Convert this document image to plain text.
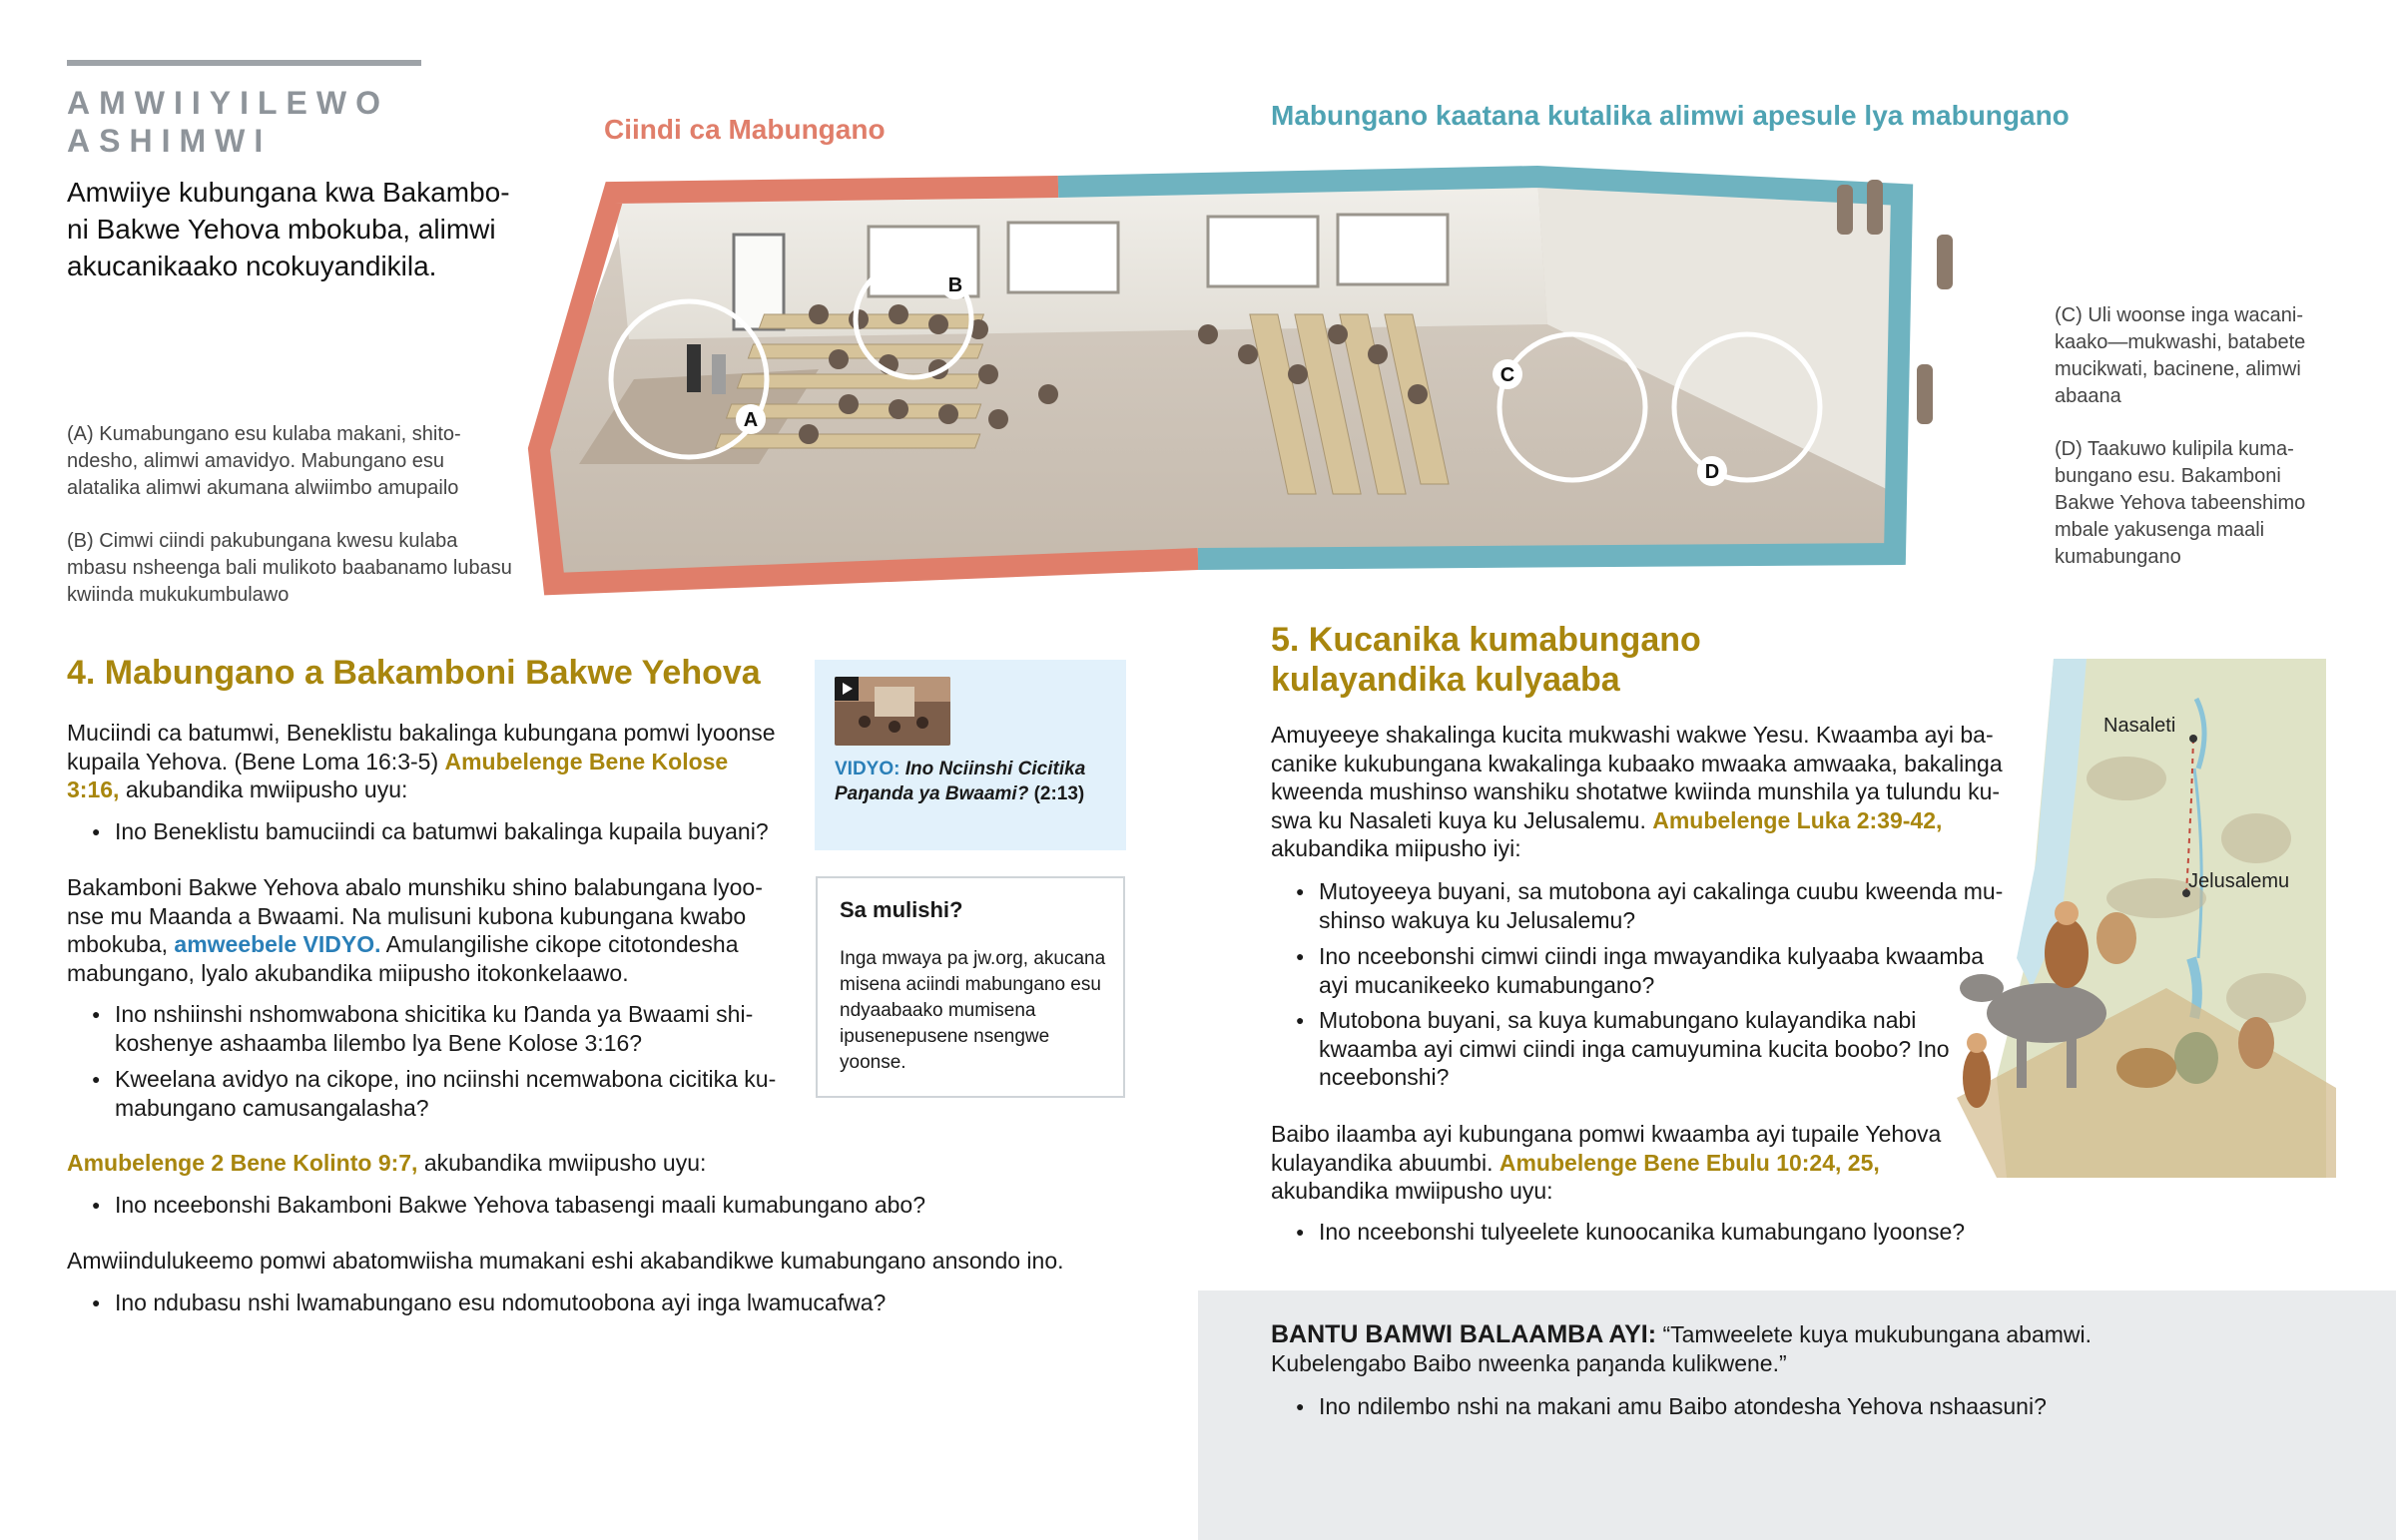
AMWIIYILEWO ASHIMWI
Amwiiye kubungana kwa Bakamboni Bakwe Yehova mbokuba, alimwi akucanikaako ncokuyandikila.
Ciindi ca Mabungano	Mabungano kaatana kutalika alimwi apesule lya mabungano
A
B
C
D
(A) Kumabungano esu kulaba makani, shitondesho, alimwi amavidyo. Mabungano esu alatalika alimwi akumana alwiimbo amupailo
(B) Cimwi ciindi pakubungana kwesu kulaba mbasu nsheenga bali mulikoto baabanamo lubasu kwiinda mukukumbulawo
(C) Uli woonse inga wacanikaako—mukwashi, batabete mucikwati, bacinene, alimwi abaana
(D) Taakuwo kulipila kumabungano esu. Bakamboni Bakwe Yehova tabeenshimo mbale yakusenga maali kumabungano
4. Mabungano a Bakamboni Bakwe Yehova
Muciindi ca batumwi, Beneklistu bakalinga kubungana pomwi lyoonse kupaila Yehova. (Bene Loma 16:3-5) Amubelenge Bene Kolose 3:16, akubandika mwiipusho uyu:
● Ino Beneklistu bamuciindi ca batumwi bakalinga kupaila buyani?
Bakamboni Bakwe Yehova abalo munshiku shino balabungana lyoonse mu Maanda a Bwaami. Na mulisuni kubona kubungana kwabo mbokuba, amweebele VIDYO. Amulangilishe cikope citotondesha mabungano, lyalo akubandika miipusho itokonkelaawo.
● Ino nshiinshi nshomwabona shicitika ku Ŋanda ya Bwaami shikoshenye ashaamba lilembo lya Bene Kolose 3:16?
● Kweelana avidyo na cikope, ino nciinshi ncemwabona cicitika kumabungano camusangalasha?
Amubelenge 2 Bene Kolinto 9:7, akubandika mwiipusho uyu:
● Ino nceebonshi Bakamboni Bakwe Yehova tabasengi maali kumabungano abo?
Amwiindulukeemo pomwi abatomwiisha mumakani eshi akabandikwe kumabungano ansondo ino.
● Ino ndubasu nshi lwamabungano esu ndomutoobona ayi inga lwamucafwa?
VIDYO: Ino Nciinshi Cicitika Paŋanda ya Bwaami? (2:13)
Sa mulishi?
Inga mwaya pa jw.org, akucana misena aciindi mabungano esu ndyaabaako mumisena ipusenepusene nsengwe yoonse.
5. Kucanika kumabungano kulayandika kulyaaba
Amuyeeye shakalinga kucita mukwashi wakwe Yesu. Kwaamba ayi bacanike kukubungana kwakalinga kubaako mwaaka amwaaka, bakalinga kweenda mushinso wanshiku shotatwe kwiinda munshila ya tulundu kuswa ku Nasaleti kuya ku Jelusalemu. Amubelenge Luka 2:39-42, akubandika miipusho iyi:
● Mutoyeeya buyani, sa mutobona ayi cakalinga cuubu kweenda mushinso wakuya ku Jelusalemu?
● Ino nceebonshi cimwi ciindi inga mwayandika kulyaaba kwaamba ayi mucanikeeko kumabungano?
● Mutobona buyani, sa kuya kumabungano kulayandika nabi kwaamba ayi cimwi ciindi inga camuyumina kucita boobo? Ino nceebonshi?
Baibo ilaamba ayi kubungana pomwi kwaamba ayi tupaile Yehova kulayandika abuumbi. Amubelenge Bene Ebulu 10:24, 25, akubandika mwiipusho uyu:
● Ino nceebonshi tulyeelete kunoocanika kumabungano lyoonse?
Nasaleti
Jelusalemu
BANTU BAMWI BALAAMBA AYI: “Tamweelete kuya mukubungana abamwi. Kubelengabo Baibo nweenka paŋanda kulikwene.”
● Ino ndilembo nshi na makani amu Baibo atondesha Yehova nshaasuni?
